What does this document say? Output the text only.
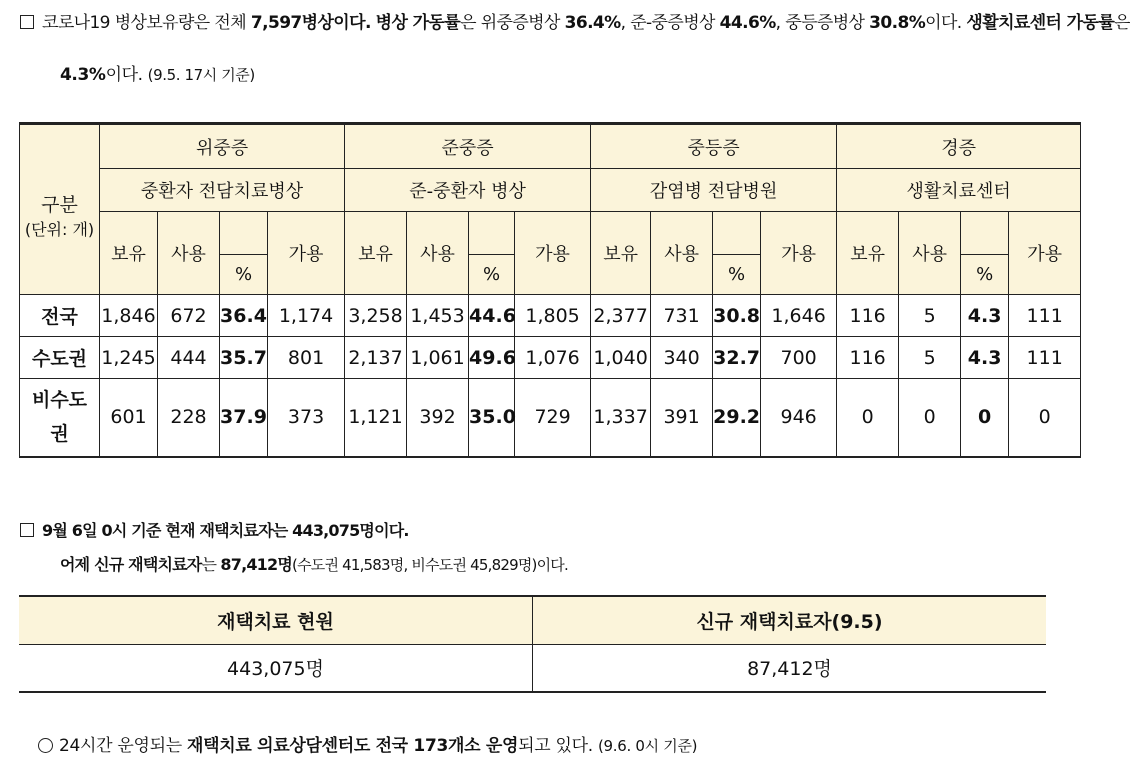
코로나19 병상보유량은 전체 7,597병상이다. 병상 가동률은 위중증병상 36.4%, 준-중증병상 44.6%, 중등증병상 30.8%이다. 생활치료센터 가동률은
4.3%이다. (9.5. 17시 기준)
구분
(단위: 개)	위중증				준중증				중등증				경증			
	중환자 전담치료병상				준-중환자 병상				감염병 전담병원				생활치료센터			
	보유	사용	%	가용	보유	사용	%	가용	보유	사용	%	가용	보유	사용	%	가용
전국	1,846	672	36.4	1,174	3,258	1,453	44.6	1,805	2,377	731	30.8	1,646	116	5	4.3	111
수도권	1,245	444	35.7	801	2,137	1,061	49.6	1,076	1,040	340	32.7	700	116	5	4.3	111
비수도권	601	228	37.9	373	1,121	392	35.0	729	1,337	391	29.2	946	0	0	0	0
9월 6일 0시 기준 현재 재택치료자는 443,075명이다.
어제 신규 재택치료자는 87,412명(수도권 41,583명, 비수도권 45,829명)이다.
재택치료 현원	신규 재택치료자(9.5)
443,075명	87,412명
24시간 운영되는 재택치료 의료상담센터도 전국 173개소 운영되고 있다. (9.6. 0시 기준)
